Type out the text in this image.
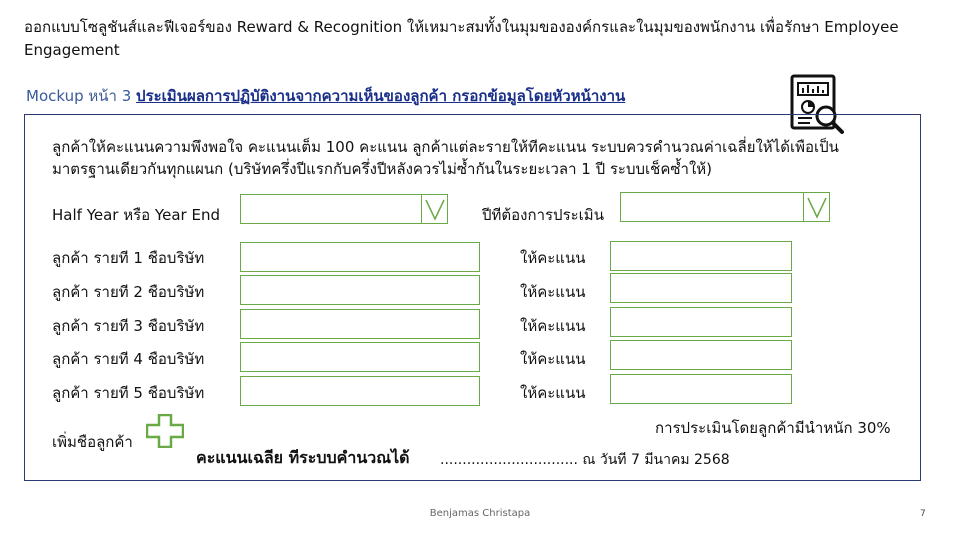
ออกแบบโซลูชันส์และฟีเจอร์ของ Reward & Recognition ให้เหมาะสมทั้งในมุมขององค์กรและในมุมของพนักงาน เพื่อรักษา Employee Engagement
Mockup หน้า 3 ประเมินผลการปฏิบัติงานจากความเห็นของลูกค้า กรอกข้อมูลโดยหัวหน้างาน
ลูกค้าให้คะแนนความพึงพอใจ คะแนนเต็ม 100 คะแนน ลูกค้าแต่ละรายให้ทีคะแนน ระบบควรคำนวณค่าเฉลี่ยให้ได้เพือเป็นมาตรฐานเดียวกันทุกแผนก (บริษัทครึ่งปีแรกกับครึ่งปีหลังควรไม่ซ้ำกันในระยะเวลา 1 ปี ระบบเช็คซ้ำให้)
Half Year หรือ Year End	ปีทีต้องการประเมิน
ลูกค้า รายที 1 ชือบริษัท	ให้คะแนน
ลูกค้า รายที 2 ชือบริษัท	ให้คะแนน
ลูกค้า รายที 3 ชือบริษัท	ให้คะแนน
ลูกค้า รายที 4 ชือบริษัท	ให้คะแนน
ลูกค้า รายที 5 ชือบริษัท	ให้คะแนน
การประเมินโดยลูกค้ามีนำหนัก 30%
เพิ่มชือลูกค้า
คะแนนเฉลีย ทีระบบคำนวณได้ ............................... ณ วันที 7 มีนาคม 2568
Benjamas Christapa	7
